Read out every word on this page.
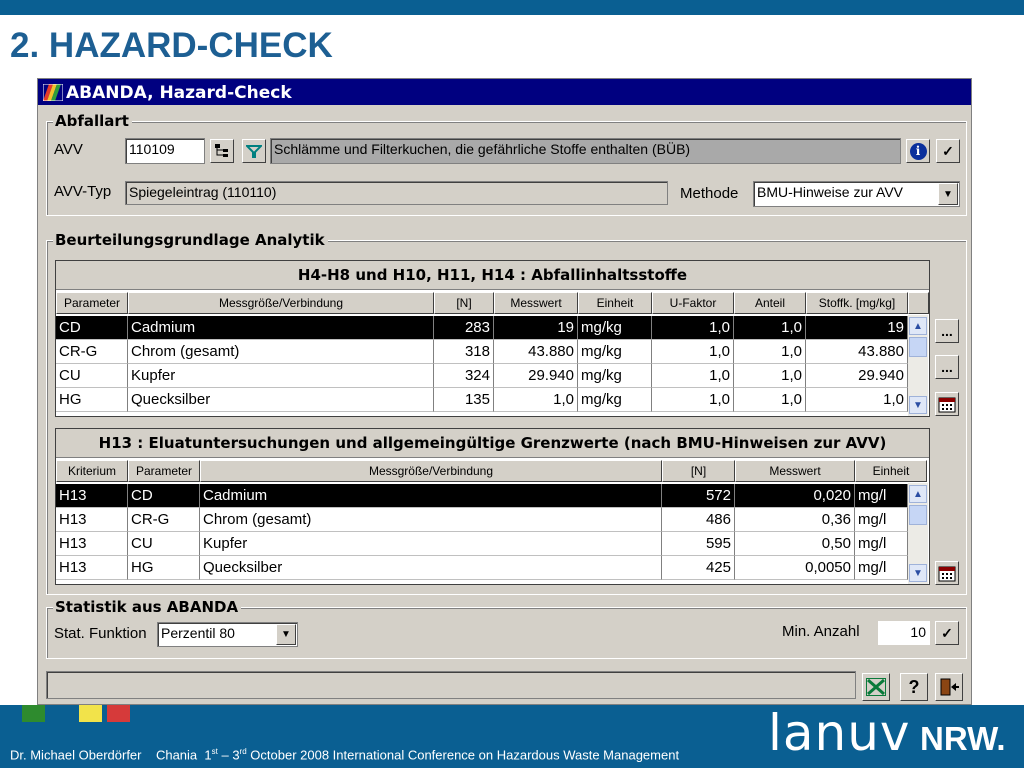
2. HAZARD-CHECK
ABANDA, Hazard-Check
Abfallart
AVV	110109	Schlämme und Filterkuchen, die gefährliche Stoffe enthalten (BÜB)	i	✓
AVV-Typ Spiegeleintrag (110110)	Methode BMU-Hinweise zur AVV	▼
Beurteilungsgrundlage Analytik
H4-H8 und H10, H11, H14 : Abfallinhaltsstoffe
Parameter	Messgröße/Verbindung	[N]	Messwert	Einheit	U-Faktor	Anteil	Stoffk. [mg/kg]
CD	Cadmium	283	19 mg/kg	1,0	1,0	19
CR-G	Chrom (gesamt)	318	43.880 mg/kg	1,0	1,0	43.880
CU	Kupfer	324	29.940 mg/kg	1,0	1,0	29.940
HG	Quecksilber	135	1,0 mg/kg	1,0	1,0	1,0
▲
▼
...
...
H13 : Eluatuntersuchungen und allgemeingültige Grenzwerte (nach BMU-Hinweisen zur AVV)
Kriterium	Parameter	Messgröße/Verbindung	[N]	Messwert	Einheit
H13	CD	Cadmium	572	0,020 mg/l
H13	CR-G	Chrom (gesamt)	486	0,36 mg/l
H13	CU	Kupfer	595	0,50 mg/l
H13	HG	Quecksilber	425	0,0050 mg/l
▲
▼
Statistik aus ABANDA
Stat. Funktion Perzentil 80	▼	Min. Anzahl	10 ✓
?
Dr. Michael Oberdörfer Chania 1st – 3rd October 2008 International Conference on Hazardous Waste Management lanuv NRW.
